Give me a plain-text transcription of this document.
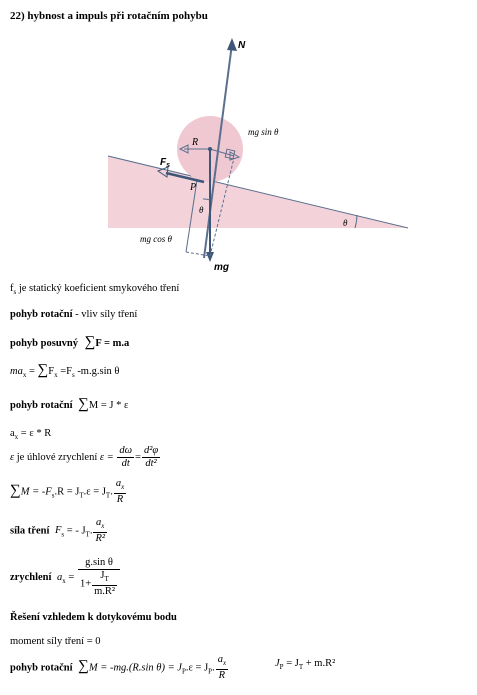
22) hybnost a impuls při rotačním pohybu
N
mg sin θ
R
$F_s$
P
θ
θ
mg cos θ
mg
$f_s$ je statický koeficient smykového tření
pohyb rotační - vliv síly tření
pohyb posuvný ∑F = m.a
$ma_x = \sum F_x =F_s$ -m.g.sin θ
pohyb rotační ∑M = J * ε
$a_x = \varepsilon * R$
ε je úhlové zrychlení $\varepsilon = \frac{d\omega}{dt} = \frac{\text{d²φ}}{\text{dt²}}$
$\sum M = -F_s.R = J_T.\varepsilon = J_T$. $\frac{a_x}{R}$
síla tření $F_s$ = - $J_T$. $\frac{a_x}{\text{R²}}$
zrychlení $a_x = \frac{\text{g.sin θ}}{1+ \frac{J_T}{\text{m.R²}}}$
Řešení vzhledem k dotykovému bodu
moment síly tření = 0
pohyb rotační ∑M = -mg.(R.sin $\theta) = J_P.\varepsilon = J_P$. $\frac{a_x}{R}$	$J_P = J_T + m.R^2$
